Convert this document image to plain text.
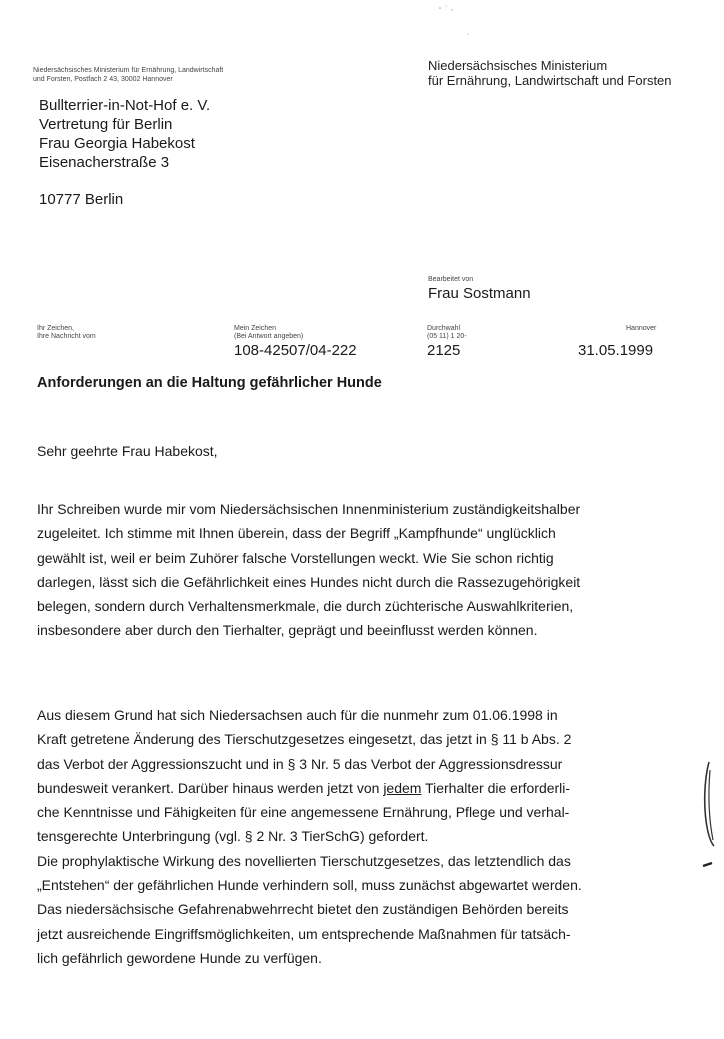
Niedersächsisches Ministerium für Ernährung, Landwirtschaft
und Forsten, Postfach 2 43, 30002 Hannover
Niedersächsisches Ministerium
für Ernährung, Landwirtschaft und Forsten
Bullterrier-in-Not-Hof e. V.
Vertretung für Berlin
Frau Georgia Habekost
Eisenacherstraße 3
10777 Berlin
Bearbeitet von
Frau Sostmann
Ihr Zeichen,
Ihre Nachricht vom
Mein Zeichen
(Bei Antwort angeben)
108-42507/04-222
Durchwahl
(05 11) 1 20-
2125
Hannover
31.05.1999
Anforderungen an die Haltung gefährlicher Hunde
Sehr geehrte Frau Habekost,

Ihr Schreiben wurde mir vom Niedersächsischen Innenministerium zuständigkeitshalber

zugeleitet. Ich stimme mit Ihnen überein, dass der Begriff „Kampfhunde“ unglücklich

gewählt ist, weil er beim Zuhörer falsche Vorstellungen weckt. Wie Sie schon richtig

darlegen, lässt sich die Gefährlichkeit eines Hundes nicht durch die Rassezugehörigkeit

belegen, sondern durch Verhaltensmerkmale, die durch züchterische Auswahlkriterien,

insbesondere aber durch den Tierhalter, geprägt und beeinflusst werden können.

Aus diesem Grund hat sich Niedersachsen auch für die nunmehr zum 01.06.1998 in

Kraft getretene Änderung des Tierschutzgesetzes eingesetzt, das jetzt in § 11 b Abs. 2

das Verbot der Aggressionszucht und in § 3 Nr. 5 das Verbot der Aggressionsdressur

bundesweit verankert. Darüber hinaus werden jetzt von jedem Tierhalter die erforderli-

che Kenntnisse und Fähigkeiten für eine angemessene Ernährung, Pflege und verhal-

tensgerechte Unterbringung (vgl. § 2 Nr. 3 TierSchG) gefordert.

Die prophylaktische Wirkung des novellierten Tierschutzgesetzes, das letztendlich das

„Entstehen“ der gefährlichen Hunde verhindern soll, muss zunächst abgewartet werden.

Das niedersächsische Gefahrenabwehrrecht bietet den zuständigen Behörden bereits

jetzt ausreichende Eingriffsmöglichkeiten, um entsprechende Maßnahmen für tatsäch-

lich gefährlich gewordene Hunde zu verfügen.
